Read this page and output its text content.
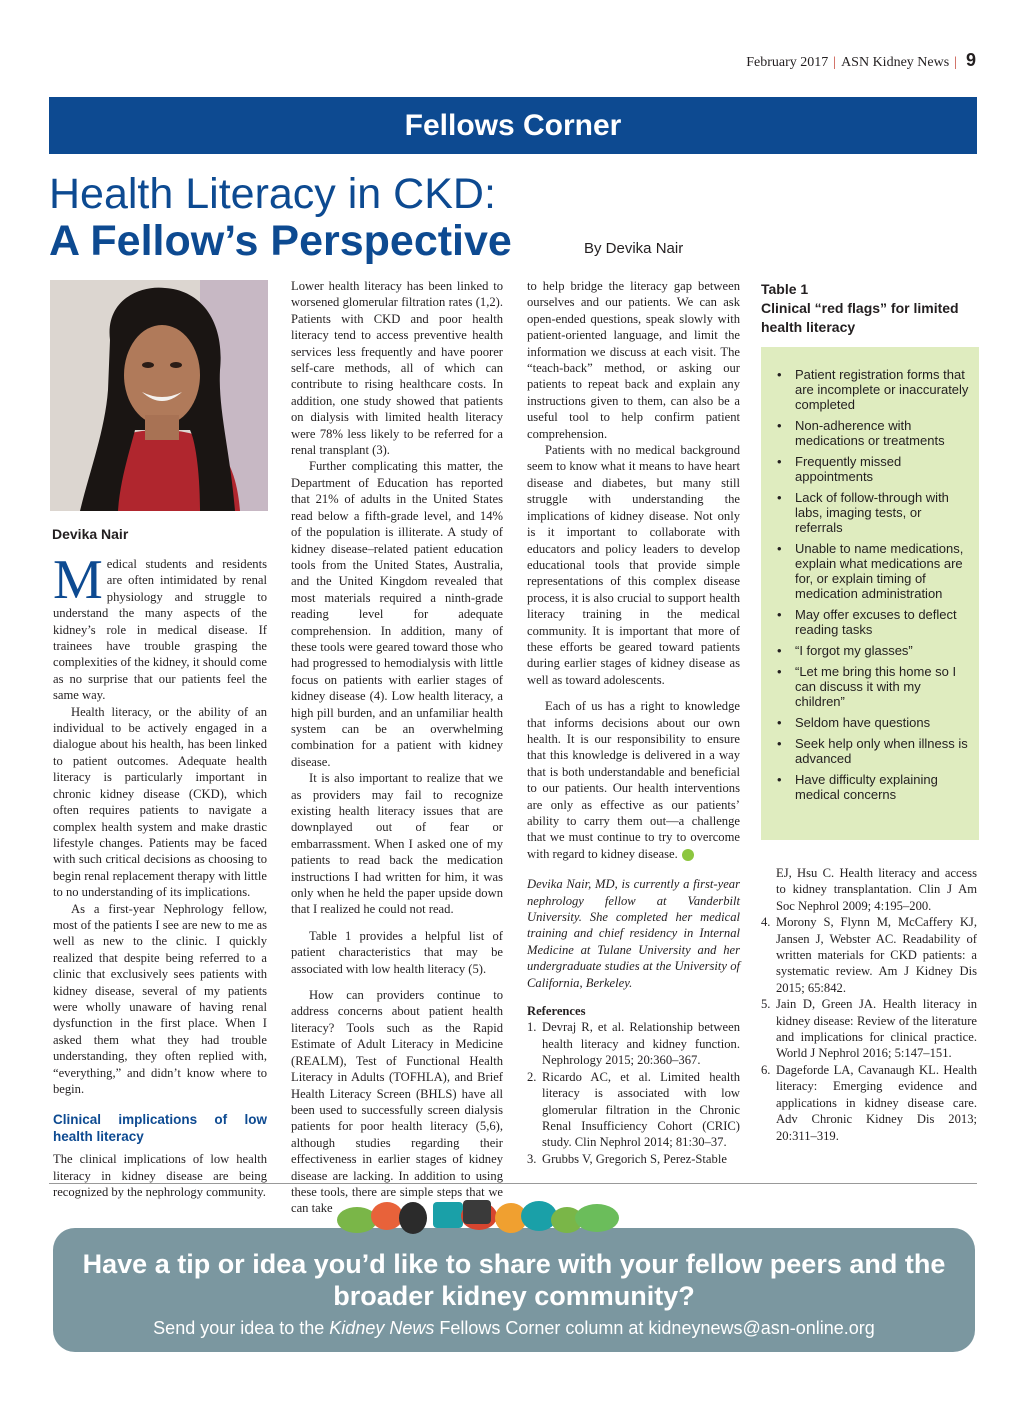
February 2017 | ASN Kidney News | 9
Fellows Corner
Health Literacy in CKD:
A Fellow’s Perspective	By Devika Nair
Devika Nair

Medical students and residents are often intimidated by renal physiology and struggle to understand the many aspects of the kidney’s role in medical disease. If trainees have trouble grasping the complexities of the kidney, it should come as no surprise that our patients feel the same way.

Health literacy, or the ability of an individual to be actively engaged in a dialogue about his health, has been linked to patient outcomes. Adequate health literacy is particularly important in chronic kidney disease (CKD), which often requires patients to navigate a complex health system and make drastic lifestyle changes. Patients may be faced with such critical decisions as choosing to begin renal replacement therapy with little to no understanding of its implications.

As a first-year Nephrology fellow, most of the patients I see are new to me as well as new to the clinic. I quickly realized that despite being referred to a clinic that exclusively sees patients with kidney disease, several of my patients were wholly unaware of having renal dysfunction in the first place. When I asked them what they had trouble understanding, they often replied with, “everything,” and didn’t know where to begin.

Clinical implications of low health literacy

The clinical implications of low health literacy in kidney disease are being recognized by the nephrology community.

Lower health literacy has been linked to worsened glomerular filtration rates (1,2). Patients with CKD and poor health literacy tend to access preventive health services less frequently and have poorer self-care methods, all of which can contribute to rising healthcare costs. In addition, one study showed that patients on dialysis with limited health literacy were 78% less likely to be referred for a renal transplant (3).

Further complicating this matter, the Department of Education has reported that 21% of adults in the United States read below a fifth-grade level, and 14% of the population is illiterate. A study of kidney disease–related patient education tools from the United States, Australia, and the United Kingdom revealed that most materials required a ninth-grade reading level for adequate comprehension. In addition, many of these tools were geared toward those who had progressed to hemodialysis with little focus on patients with earlier stages of kidney disease (4). Low health literacy, a high pill burden, and an unfamiliar health system can be an overwhelming combination for a patient with kidney disease.

It is also important to realize that we as providers may fail to recognize existing health literacy issues that are downplayed out of fear or embarrassment. When I asked one of my patients to read back the medication instructions I had written for him, it was only when he held the paper upside down that I realized he could not read.

Table 1 provides a helpful list of patient characteristics that may be associated with low health literacy (5).

How can providers continue to address concerns about patient health literacy? Tools such as the Rapid Estimate of Adult Literacy in Medicine (REALM), Test of Functional Health Literacy in Adults (TOFHLA), and Brief Health Literacy Screen (BHLS) have all been used to successfully screen dialysis patients for poor health literacy (5,6), although studies regarding their effectiveness in earlier stages of kidney disease are lacking. In addition to using these tools, there are simple steps that we can take

to help bridge the literacy gap between ourselves and our patients. We can ask open-ended questions, speak slowly with patient-oriented language, and limit the information we discuss at each visit. The “teach-back” method, or asking our patients to repeat back and explain any instructions given to them, can also be a useful tool to help confirm patient comprehension.

Patients with no medical background seem to know what it means to have heart disease and diabetes, but many still struggle with understanding the implications of kidney disease. Not only is it important to collaborate with educators and policy leaders to develop educational tools that provide simple representations of this complex disease process, it is also crucial to support health literacy training in the medical community. It is important that more of these efforts be geared toward patients during earlier stages of kidney disease as well as toward adolescents.

Each of us has a right to knowledge that informs decisions about our own health. It is our responsibility to ensure that this knowledge is delivered in a way that is both understandable and beneficial to our patients. Our health interventions are only as effective as our patients’ ability to carry them out—a challenge that we must continue to try to overcome with regard to kidney disease.

Devika Nair, MD, is currently a first-year nephrology fellow at Vanderbilt University. She completed her medical training and chief residency in Internal Medicine at Tulane University and her undergraduate studies at the University of California, Berkeley.

References
1. Devraj R, et al. Relationship between health literacy and kidney function. Nephrology 2015; 20:360–367.
2. Ricardo AC, et al. Limited health literacy is associated with low glomerular filtration in the Chronic Renal Insufficiency Cohort (CRIC) study. Clin Nephrol 2014; 81:30–37.
3. Grubbs V, Gregorich S, Perez-Stable
Table 1
Clinical “red flags” for limited health literacy
• Patient registration forms that are incomplete or inaccurately completed
• Non-adherence with medications or treatments
• Frequently missed appointments
• Lack of follow-through with labs, imaging tests, or referrals
• Unable to name medications, explain what medications are for, or explain timing of medication administration
• May offer excuses to deflect reading tasks
• “I forgot my glasses”
• “Let me bring this home so I can discuss it with my children”
• Seldom have questions
• Seek help only when illness is advanced
• Have difficulty explaining medical concerns

EJ, Hsu C. Health literacy and access to kidney transplantation. Clin J Am Soc Nephrol 2009; 4:195–200.

4. Morony S, Flynn M, McCaffery KJ, Jansen J, Webster AC. Readability of written materials for CKD patients: a systematic review. Am J Kidney Dis 2015; 65:842.
5. Jain D, Green JA. Health literacy in kidney disease: Review of the literature and implications for clinical practice. World J Nephrol 2016; 5:147–151.
6. Dageforde LA, Cavanaugh KL. Health literacy: Emerging evidence and applications in kidney disease care. Adv Chronic Kidney Dis 2013; 20:311–319.
Have a tip or idea you’d like to share with your fellow peers and the broader kidney community?
Send your idea to the Kidney News Fellows Corner column at kidneynews@asn-online.org
